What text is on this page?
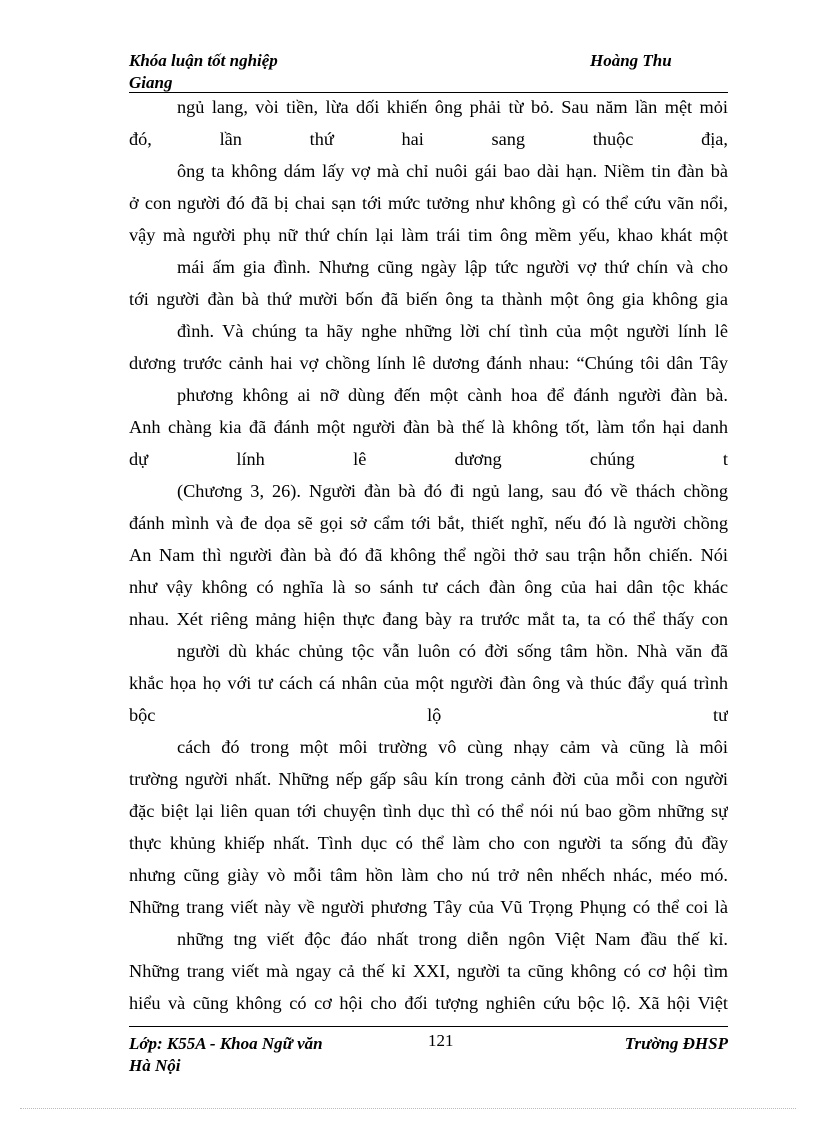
Khóa luận tốt nghiệp	Hoàng Thu
Giang
ngủ lang, vòi tiền, lừa dối khiến ông phải từ bỏ. Sau năm lần mệt mỏi
đó, lần thứ hai sang thuộc địa,
ông ta không dám lấy vợ mà chỉ nuôi gái bao dài hạn. Niềm tin đàn bà
ở con người đó đã bị chai sạn tới mức tưởng như không gì có thể cứu vãn nổi,
vậy mà người phụ nữ thứ chín lại làm trái tim ông mềm yếu, khao khát một
mái ấm gia đình. Nhưng cũng ngày lập tức người vợ thứ chín và cho
tới người đàn bà thứ mười bốn đã biến ông ta thành một ông gia không gia
đình. Và chúng ta hãy nghe những lời chí tình của một người lính lê
dương trước cảnh hai vợ chồng lính lê dương đánh nhau: “Chúng tôi dân Tây
phương không ai nỡ dùng đến một cành hoa để đánh người đàn bà.
Anh chàng kia đã đánh một người đàn bà thế là không tốt, làm tổn hại danh
dự lính lê dương chúng t
(Chương 3, 26). Người đàn bà đó đi ngủ lang, sau đó về thách chồng
đánh mình và đe dọa sẽ gọi sở cẩm tới bắt, thiết nghĩ, nếu đó là người chồng
An Nam thì người đàn bà đó đã không thể ngồi thở sau trận hỗn chiến. Nói
như vậy không có nghĩa là so sánh tư cách đàn ông của hai dân tộc khác
nhau. Xét riêng mảng hiện thực đang bày ra trước mắt ta, ta có thể thấy con
người dù khác chủng tộc vẫn luôn có đời sống tâm hồn. Nhà văn đã
khắc họa họ với tư cách cá nhân của một người đàn ông và thúc đẩy quá trình
bộc lộ tư
cách đó trong một môi trường vô cùng nhạy cảm và cũng là môi
trường người nhất. Những nếp gấp sâu kín trong cảnh đời của mỗi con người
đặc biệt lại liên quan tới chuyện tình dục thì có thể nói nú bao gồm những sự
thực khủng khiếp nhất. Tình dục có thể làm cho con người ta sống đủ đầy
nhưng cũng giày vò mỗi tâm hồn làm cho nú trở nên nhếch nhác, méo mó.
Những trang viết này về người phương Tây của Vũ Trọng Phụng có thể coi là
những tng viết độc đáo nhất trong diễn ngôn Việt Nam đầu thế kỉ.
Những trang viết mà ngay cả thế kỉ XXI, người ta cũng không có cơ hội tìm
hiểu và cũng không có cơ hội cho đối tượng nghiên cứu bộc lộ. Xã hội Việt
Lớp: K55A - Khoa Ngữ văn	121	Trường ĐHSP
Hà Nội
